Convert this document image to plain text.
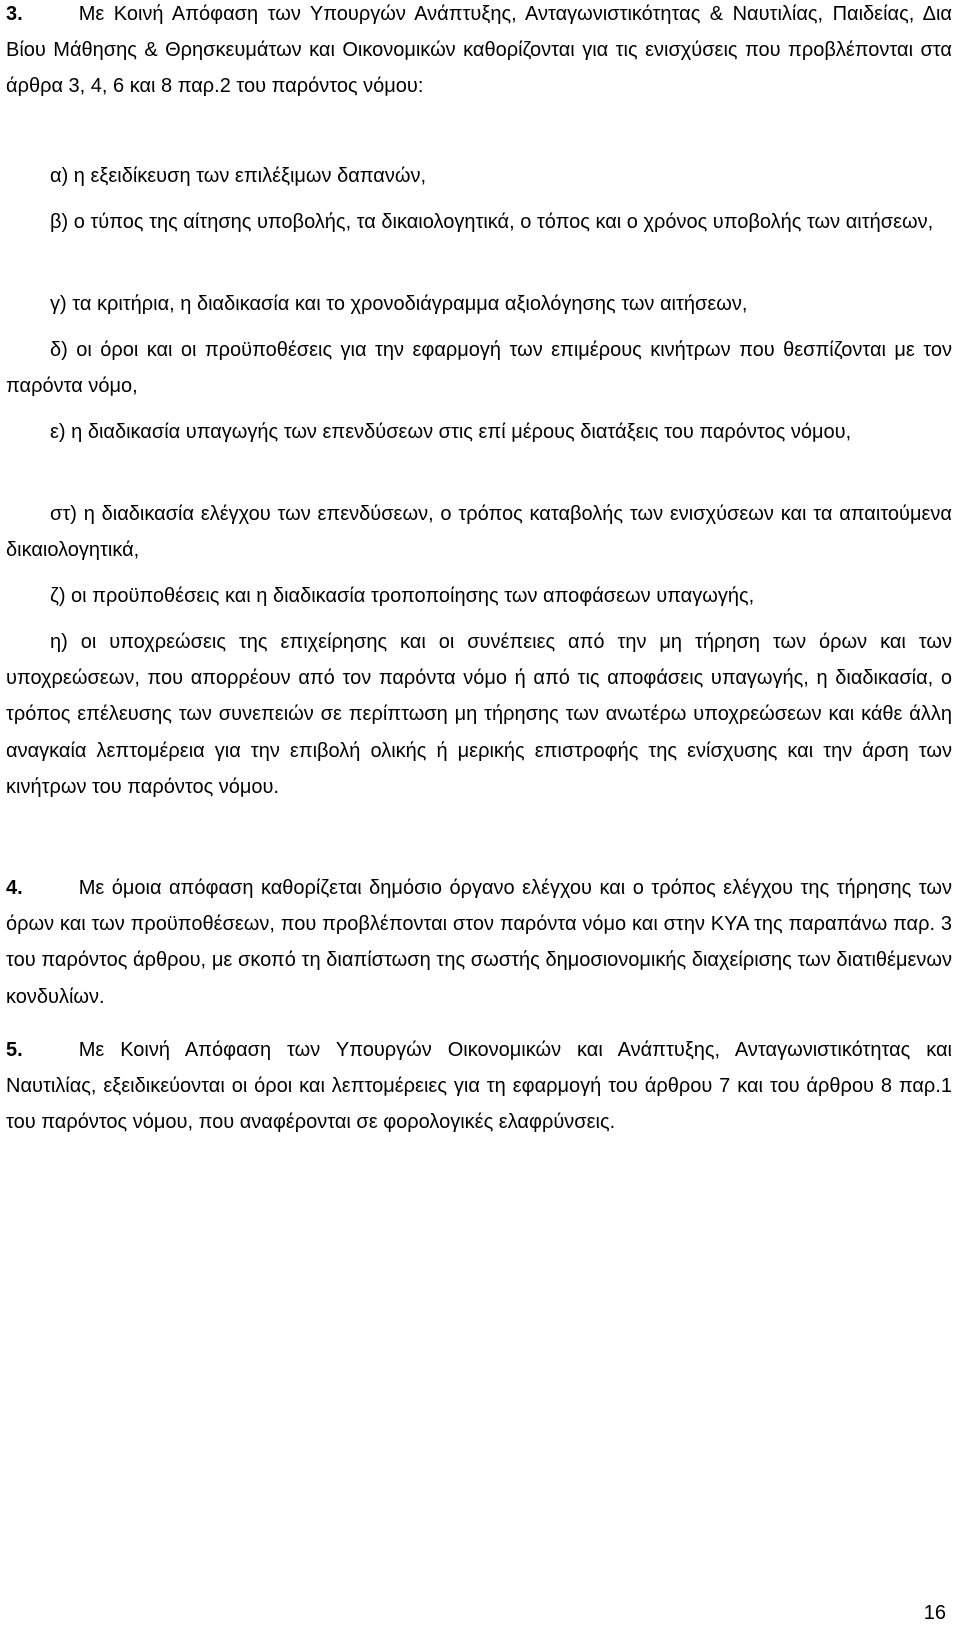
3.	Με Κοινή Απόφαση των Υπουργών Ανάπτυξης, Ανταγωνιστικότητας & Ναυτιλίας, Παιδείας, Δια Βίου Μάθησης & Θρησκευμάτων και Οικονομικών καθορίζονται για τις ενισχύσεις που προβλέπονται στα άρθρα 3, 4, 6 και 8 παρ.2 του παρόντος νόμου:

α) η εξειδίκευση των επιλέξιμων δαπανών,

β) ο τύπος της αίτησης υποβολής, τα δικαιολογητικά, ο τόπος και ο χρόνος υποβολής των αιτήσεων,

γ) τα κριτήρια, η διαδικασία και το χρονοδιάγραμμα αξιολόγησης των αιτήσεων,

δ) οι όροι και οι προϋποθέσεις για την εφαρμογή των επιμέρους κινήτρων που θεσπίζονται με τον παρόντα νόμο,

ε) η διαδικασία υπαγωγής των επενδύσεων στις επί μέρους διατάξεις του παρόντος νόμου,

στ) η διαδικασία ελέγχου των επενδύσεων, ο τρόπος καταβολής των ενισχύσεων και τα απαιτούμενα δικαιολογητικά,

ζ) οι προϋποθέσεις και η διαδικασία τροποποίησης των αποφάσεων υπαγωγής,

η) οι υποχρεώσεις της επιχείρησης και οι συνέπειες από την μη τήρηση των όρων και των υποχρεώσεων, που απορρέουν από τον παρόντα νόμο ή από τις αποφάσεις υπαγωγής, η διαδικασία, ο τρόπος επέλευσης των συνεπειών σε περίπτωση μη τήρησης των ανωτέρω υποχρεώσεων και κάθε άλλη αναγκαία λεπτομέρεια για την επιβολή ολικής ή μερικής επιστροφής της ενίσχυσης και την άρση των κινήτρων του παρόντος νόμου.

4.	Με όμοια απόφαση καθορίζεται δημόσιο όργανο ελέγχου και ο τρόπος ελέγχου της τήρησης των όρων και των προϋποθέσεων, που προβλέπονται στον παρόντα νόμο και στην ΚΥΑ της παραπάνω παρ. 3 του παρόντος άρθρου, με σκοπό τη διαπίστωση της σωστής δημοσιονομικής διαχείρισης των διατιθέμενων κονδυλίων.

5.	Με Κοινή Απόφαση των Υπουργών Οικονομικών και Ανάπτυξης, Ανταγωνιστικότητας και Ναυτιλίας, εξειδικεύονται οι όροι και λεπτομέρειες για τη εφαρμογή του άρθρου 7 και του άρθρου 8 παρ.1 του παρόντος νόμου, που αναφέρονται σε φορολογικές ελαφρύνσεις.

16
